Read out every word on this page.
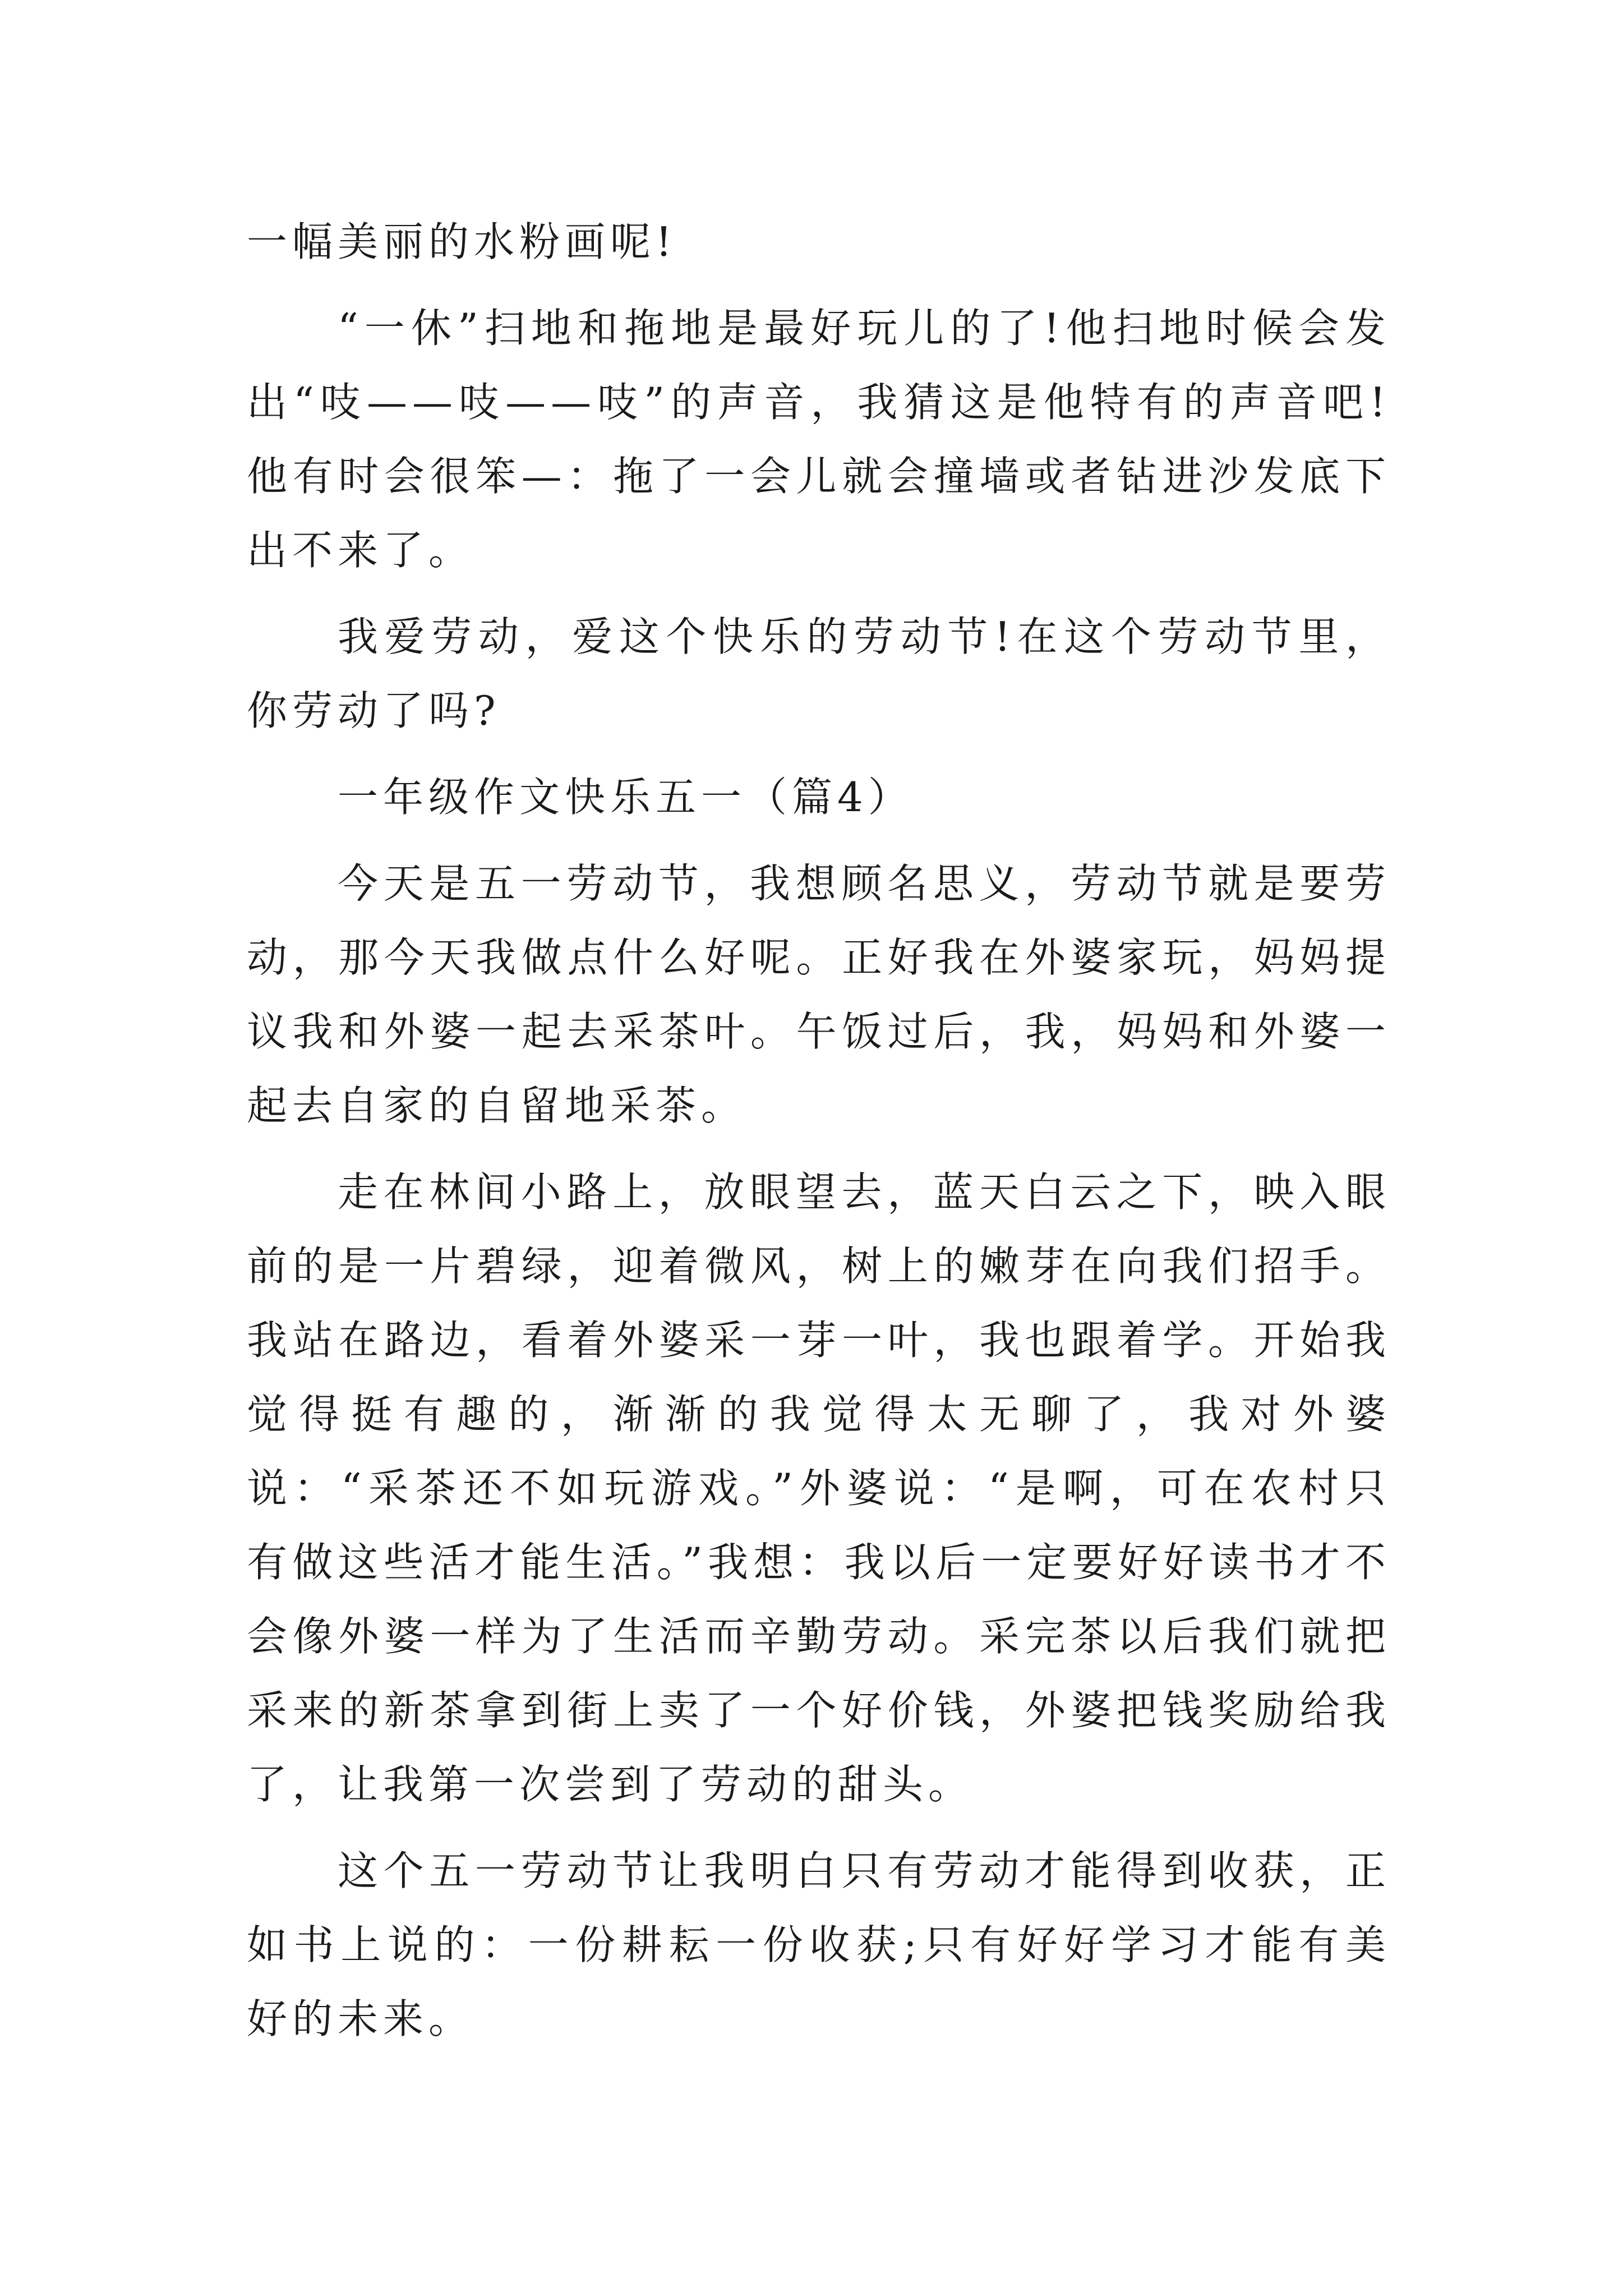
一幅美丽的水粉画呢!

“一休”扫地和拖地是最好玩儿的了!他扫地时候会发出“吱——吱——吱”的声音，我猜这是他特有的声音吧!他有时会很笨—：拖了一会儿就会撞墙或者钻进沙发底下出不来了。

我爱劳动，爱这个快乐的劳动节!在这个劳动节里，你劳动了吗?

一年级作文快乐五一（篇4）

今天是五一劳动节，我想顾名思义，劳动节就是要劳动，那今天我做点什么好呢。正好我在外婆家玩，妈妈提议我和外婆一起去采茶叶。午饭过后，我，妈妈和外婆一起去自家的自留地采茶。

走在林间小路上，放眼望去，蓝天白云之下，映入眼前的是一片碧绿，迎着微风，树上的嫩芽在向我们招手。我站在路边，看着外婆采一芽一叶，我也跟着学。开始我觉得挺有趣的，渐渐的我觉得太无聊了，我对外婆说：“采茶还不如玩游戏。”外婆说：“是啊，可在农村只有做这些活才能生活。”我想：我以后一定要好好读书才不会像外婆一样为了生活而辛勤劳动。采完茶以后我们就把采来的新茶拿到街上卖了一个好价钱，外婆把钱奖励给我了，让我第一次尝到了劳动的甜头。

这个五一劳动节让我明白只有劳动才能得到收获，正如书上说的：一份耕耘一份收获;只有好好学习才能有美好的未来。
